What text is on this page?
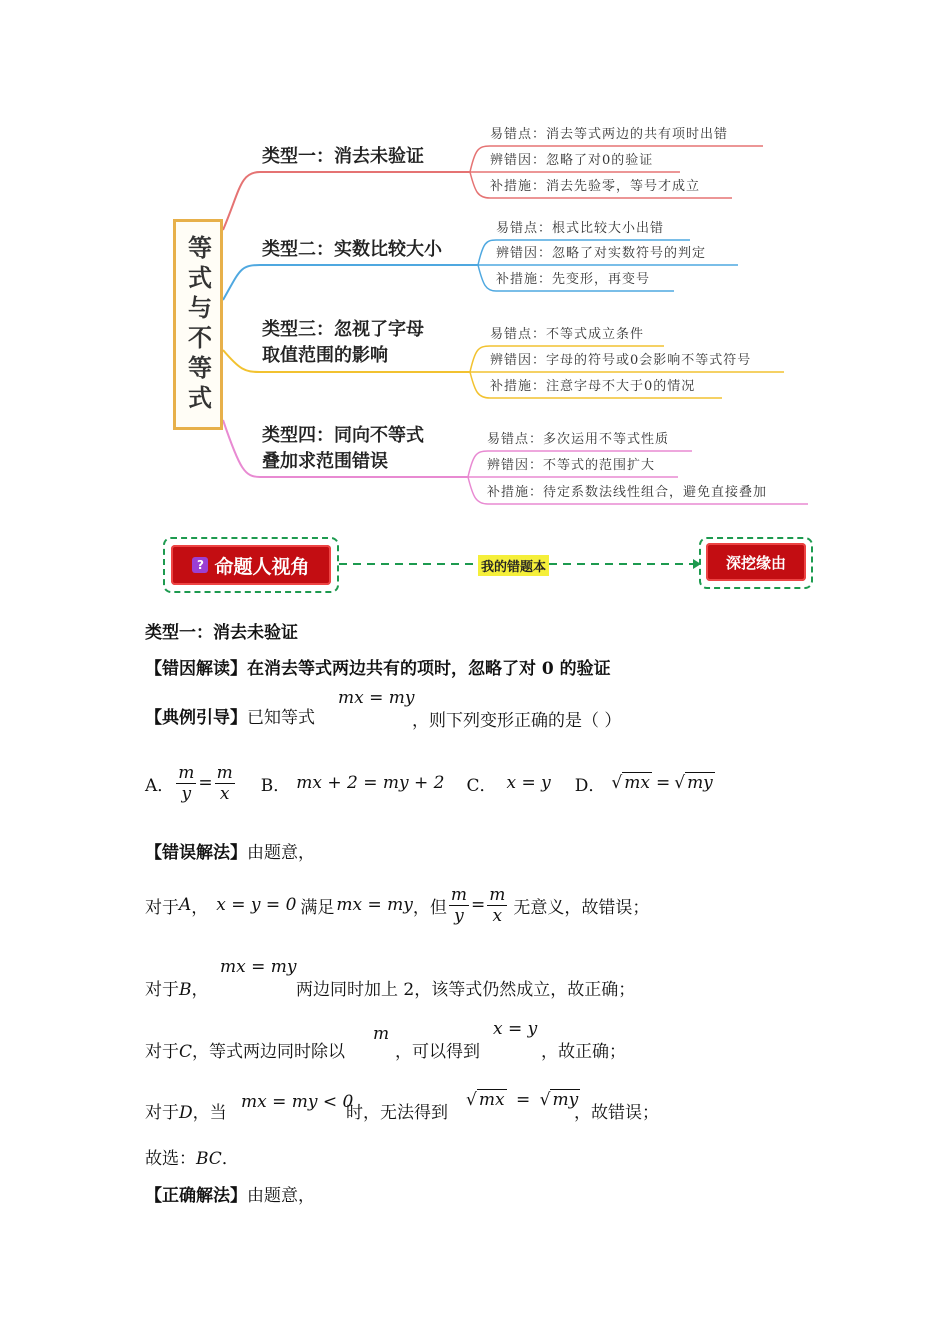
等式与不等式
类型一：消去未验证
类型二：实数比较大小
类型三：忽视了字母
取值范围的影响
类型四：同向不等式
叠加求范围错误
易错点：消去等式两边的共有项时出错
辨错因：忽略了对0的验证
补措施：消去先验零，等号才成立
易错点：根式比较大小出错
辨错因：忽略了对实数符号的判定
补措施：先变形，再变号
易错点：不等式成立条件
辨错因：字母的符号或0会影响不等式符号
补措施：注意字母不大于0的情况
易错点：多次运用不等式性质
辨错因：不等式的范围扩大
补措施：待定系数法线性组合，避免直接叠加
? 命题人视角	我的错题本	深挖缘由
类型一：消去未验证
【错因解读】在消去等式两边共有的项时，忽略了对 0 的验证
【典例引导】已知等式
mx = my
，则下列变形正确的是（ ）
A． $\frac{m}{y} = \frac{m}{x}$ B． mx + 2 = my + 2 C． x = y D． √ mx = √ my
【错误解法】由题意，
对于 A ， x = y = 0 满足 mx = my ，但 $\frac{m}{y} = \frac{m}{x}$ 无意义，故错误；
对于B，
mx = my
两边同时加上 2，该等式仍然成立，故正确；
对于C，等式两边同时除以
m
，可以得到
x = y
，故正确；
对于D，当
mx = my < 0
时，无法得到
√ mx = √ my
，故错误；
故选：BC．
【正确解法】由题意，
